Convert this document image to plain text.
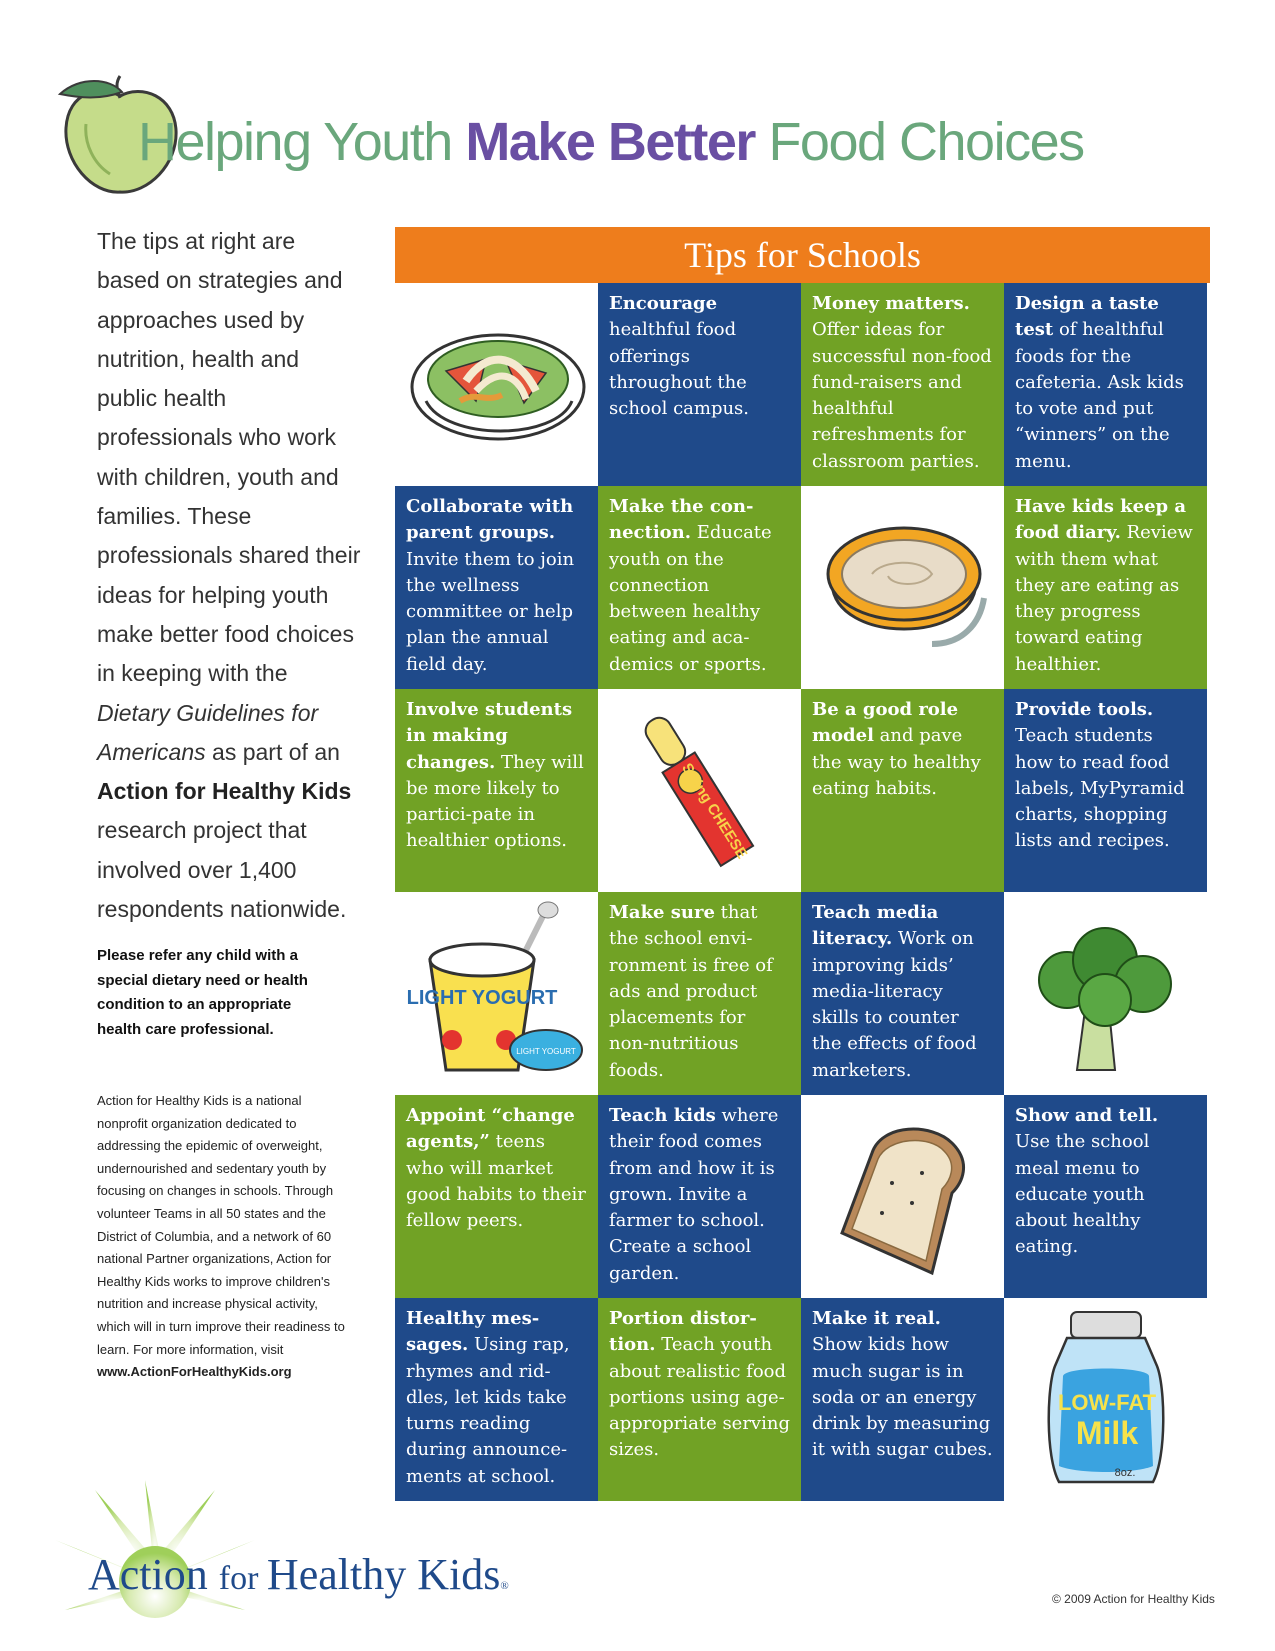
Helping Youth Make Better Food Choices
The tips at right are based on strategies and approaches used by nutrition, health and public health professionals who work with children, youth and families. These professionals shared their ideas for helping youth make better food choices in keeping with the Dietary Guidelines for Americans as part of an Action for Healthy Kids research project that involved over 1,400 respondents nationwide.
Please refer any child with a special dietary need or health condition to an appropriate health care professional.
Action for Healthy Kids is a national nonprofit organization dedicated to addressing the epidemic of overweight, undernourished and sedentary youth by focusing on changes in schools. Through volunteer Teams in all 50 states and the District of Columbia, and a network of 60 national Partner organizations, Action for Healthy Kids works to improve children's nutrition and increase physical activity, which will in turn improve their readiness to learn. For more information, visit www.ActionForHealthyKids.org
Tips for Schools
Encourage healthful food offerings throughout the school campus.
Money matters. Offer ideas for successful non-food fund-raisers and healthful refreshments for classroom parties.
Design a taste test of healthful foods for the cafeteria. Ask kids to vote and put “winners” on the menu.
Collaborate with parent groups. Invite them to join the wellness committee or help plan the annual field day.
Make the con-nection. Educate youth on the connection between healthy eating and aca-demics or sports.
Have kids keep a food diary. Review with them what they are eating as they progress toward eating healthier.
Involve students in making changes. They will be more likely to partici-pate in healthier options.	String CHEESE
Be a good role model and pave the way to healthy eating habits.
Provide tools. Teach students how to read food labels, MyPyramid charts, shopping lists and recipes.
LIGHT YOGURT
LIGHT YOGURT
Make sure that the school envi-ronment is free of ads and product placements for non-nutritious foods.
Teach media literacy. Work on improving kids’ media-literacy skills to counter the effects of food marketers.
Appoint “change agents,” teens who will market good habits to their fellow peers.
Teach kids where their food comes from and how it is grown. Invite a farmer to school. Create a school garden.
Show and tell. Use the school meal menu to educate youth about healthy eating.
Healthy mes-sages. Using rap, rhymes and rid-dles, let kids take turns reading during announce-ments at school.
Portion distor-tion. Teach youth about realistic food portions using age-appropriate serving sizes.
Make it real. Show kids how much sugar is in soda or an energy drink by measuring it with sugar cubes.
LOW-FAT
Milk
8oz.
Action for Healthy Kids®
© 2009 Action for Healthy Kids
